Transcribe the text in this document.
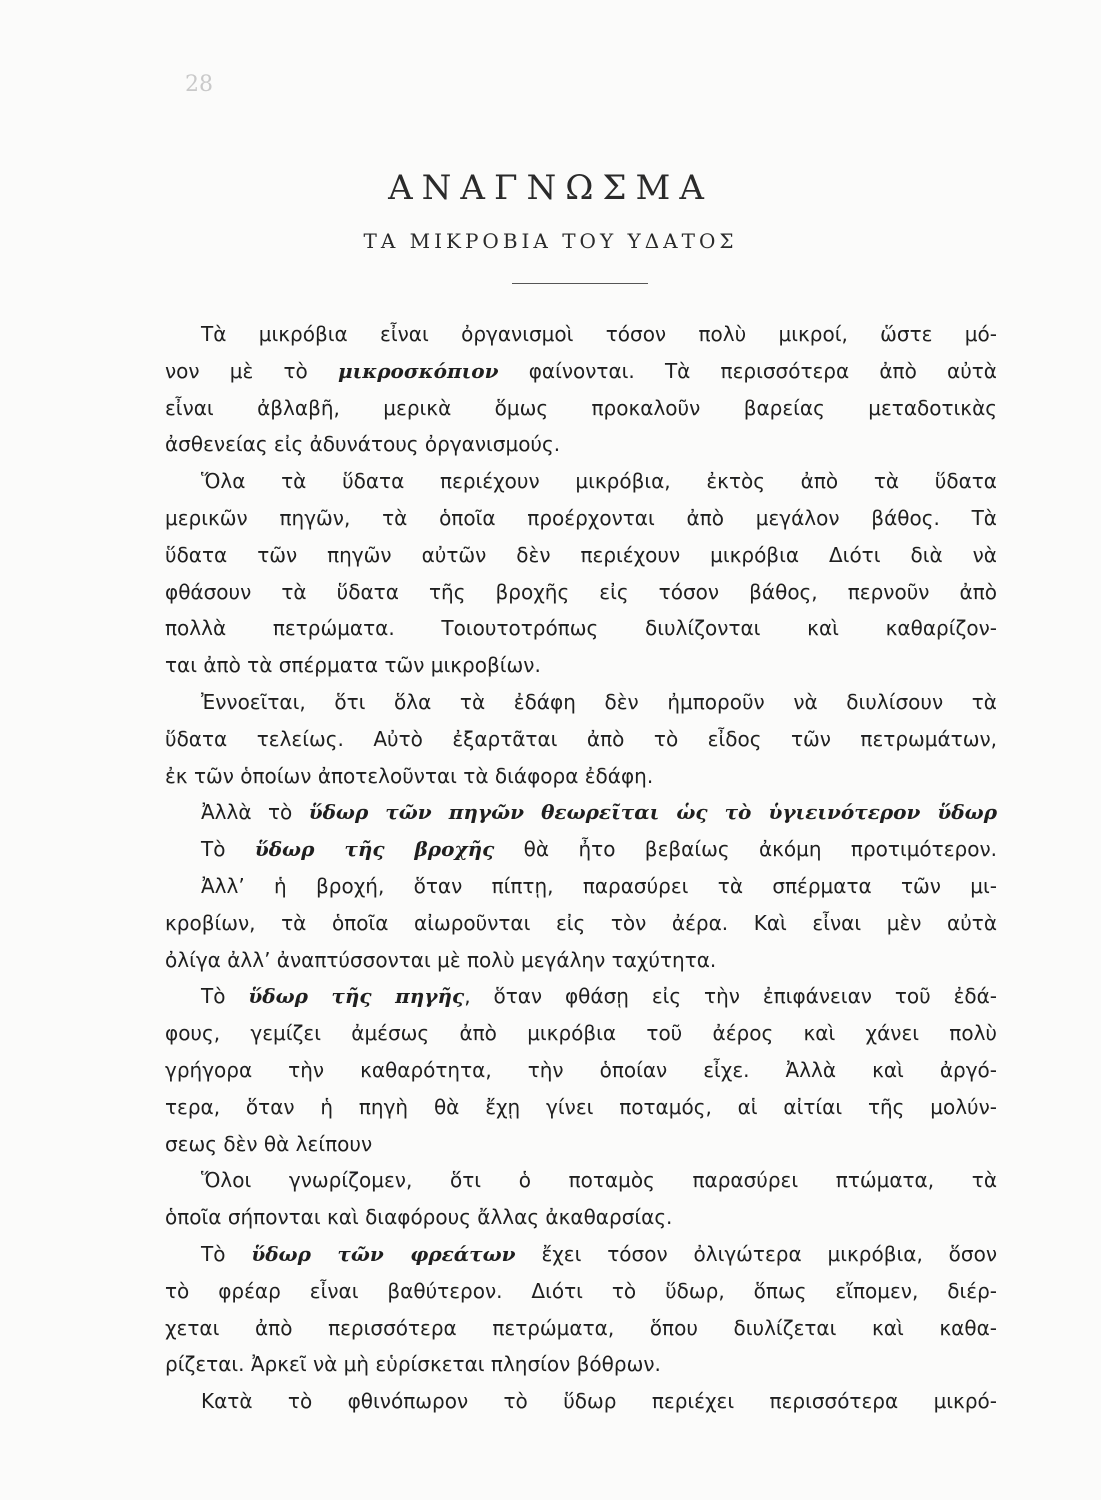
28
ΑΝΑΓΝΩΣΜΑ
ΤΑ ΜΙΚΡΟΒΙΑ ΤΟΥ ΥΔΑΤΟΣ
Τὰ μικρόβια εἶναι ὀργανισμοὶ τόσον πολὺ μικροί, ὥστε μό-
νον μὲ τὸ μικροσκόπιον φαίνονται. Τὰ περισσότερα ἀπὸ αὐτὰ
εἶναι ἀβλαβῆ, μερικὰ ὅμως προκαλοῦν βαρείας μεταδοτικὰς
ἀσθενείας εἰς ἀδυνάτους ὀργανισμούς.
Ὅλα τὰ ὕδατα περιέχουν μικρόβια, ἐκτὸς ἀπὸ τὰ ὕδατα
μερικῶν πηγῶν, τὰ ὁποῖα προέρχονται ἀπὸ μεγάλον βάθος. Τὰ
ὕδατα τῶν πηγῶν αὐτῶν δὲν περιέχουν μικρόβια Διότι διὰ νὰ
φθάσουν τὰ ὕδατα τῆς βροχῆς εἰς τόσον βάθος, περνοῦν ἀπὸ
πολλὰ πετρώματα. Τοιουτοτρόπως διυλίζονται καὶ καθαρίζον-
ται ἀπὸ τὰ σπέρματα τῶν μικροβίων.
Ἐννοεῖται, ὅτι ὅλα τὰ ἐδάφη δὲν ἠμποροῦν νὰ διυλίσουν τὰ
ὕδατα τελείως. Αὐτὸ ἐξαρτᾶται ἀπὸ τὸ εἶδος τῶν πετρωμάτων,
ἐκ τῶν ὁποίων ἀποτελοῦνται τὰ διάφορα ἐδάφη.
Ἀλλὰ τὸ ὕδωρ τῶν πηγῶν θεωρεῖται ὡς τὸ ὑγιεινότερον ὕδωρ
Τὸ ὕδωρ τῆς βροχῆς θὰ ἦτο βεβαίως ἀκόμη προτιμότερον.
Ἀλλ’ ἡ βροχή, ὅταν πίπτῃ, παρασύρει τὰ σπέρματα τῶν μι-
κροβίων, τὰ ὁποῖα αἰωροῦνται εἰς τὸν ἀέρα. Καὶ εἶναι μὲν αὐτὰ
ὀλίγα ἀλλ’ ἀναπτύσσονται μὲ πολὺ μεγάλην ταχύτητα.
Τὸ ὕδωρ τῆς πηγῆς, ὅταν φθάσῃ εἰς τὴν ἐπιφάνειαν τοῦ ἐδά-
φους, γεμίζει ἀμέσως ἀπὸ μικρόβια τοῦ ἀέρος καὶ χάνει πολὺ
γρήγορα τὴν καθαρότητα, τὴν ὁποίαν εἶχε. Ἀλλὰ καὶ ἀργό-
τερα, ὅταν ἡ πηγὴ θὰ ἔχῃ γίνει ποταμός, αἱ αἰτίαι τῆς μολύν-
σεως δὲν θὰ λείπουν
Ὅλοι γνωρίζομεν, ὅτι ὁ ποταμὸς παρασύρει πτώματα, τὰ
ὁποῖα σήπονται καὶ διαφόρους ἄλλας ἀκαθαρσίας.
Τὸ ὕδωρ τῶν φρεάτων ἔχει τόσον ὀλιγώτερα μικρόβια, ὅσον
τὸ φρέαρ εἶναι βαθύτερον. Διότι τὸ ὕδωρ, ὅπως εἴπομεν, διέρ-
χεται ἀπὸ περισσότερα πετρώματα, ὅπου διυλίζεται καὶ καθα-
ρίζεται. Ἀρκεῖ νὰ μὴ εὑρίσκεται πλησίον βόθρων.
Κατὰ τὸ φθινόπωρον τὸ ὕδωρ περιέχει περισσότερα μικρό-
